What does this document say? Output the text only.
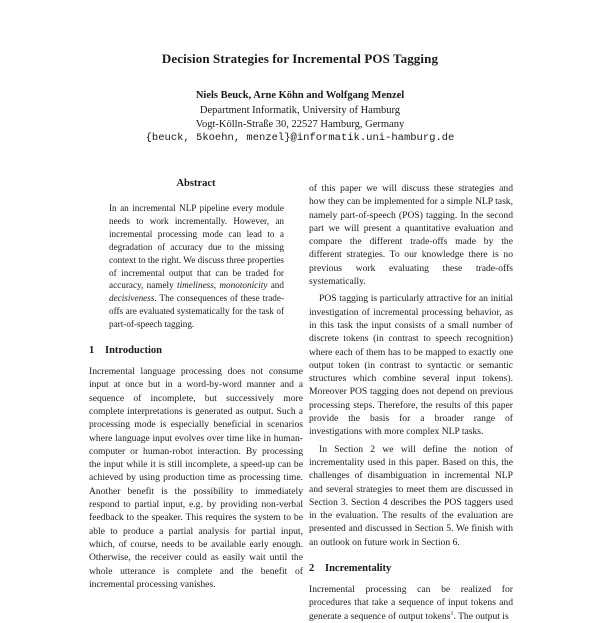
Decision Strategies for Incremental POS Tagging
Niels Beuck, Arne Köhn and Wolfgang Menzel
Department Informatik, University of Hamburg
Vogt-Kölln-Straße 30, 22527 Hamburg, Germany
{beuck, 5koehn, menzel}@informatik.uni-hamburg.de
Abstract

In an incremental NLP pipeline every module needs to work incrementally. However, an incremental processing mode can lead to a degradation of accuracy due to the missing context to the right. We discuss three properties of incremental output that can be traded for accuracy, namely timeliness, monotonicity and decisiveness. The consequences of these trade-offs are evaluated systematically for the task of part-of-speech tagging.

1 Introduction

Incremental language processing does not consume input at once but in a word-by-word manner and a sequence of incomplete, but successively more complete interpretations is generated as output. Such a processing mode is especially beneficial in scenarios where language input evolves over time like in human-computer or human-robot interaction. By processing the input while it is still incomplete, a speed-up can be achieved by using production time as processing time. Another benefit is the possibility to immediately respond to partial input, e.g. by providing non-verbal feedback to the speaker. This requires the system to be able to produce a partial analysis for partial input, which, of course, needs to be available early enough. Otherwise, the receiver could as easily wait until the whole utterance is complete and the benefit of incremental processing vanishes.

of this paper we will discuss these strategies and how they can be implemented for a simple NLP task, namely part-of-speech (POS) tagging. In the second part we will present a quantitative evaluation and compare the different trade-offs made by the different strategies. To our knowledge there is no previous work evaluating these trade-offs systematically.

POS tagging is particularly attractive for an initial investigation of incremental processing behavior, as in this task the input consists of a small number of discrete tokens (in contrast to speech recognition) where each of them has to be mapped to exactly one output token (in contrast to syntactic or semantic structures which combine several input tokens). Moreover POS tagging does not depend on previous processing steps. Therefore, the results of this paper provide the basis for a broader range of investigations with more complex NLP tasks.

In Section 2 we will define the notion of incrementality used in this paper. Based on this, the challenges of disambiguation in incremental NLP and several strategies to meet them are discussed in Section 3. Section 4 describes the POS taggers used in the evaluation. The results of the evaluation are presented and discussed in Section 5. We finish with an outlook on future work in Section 6.

2 Incrementality

Incremental processing can be realized for procedures that take a sequence of input tokens and generate a sequence of output tokens$^1$. The output is
